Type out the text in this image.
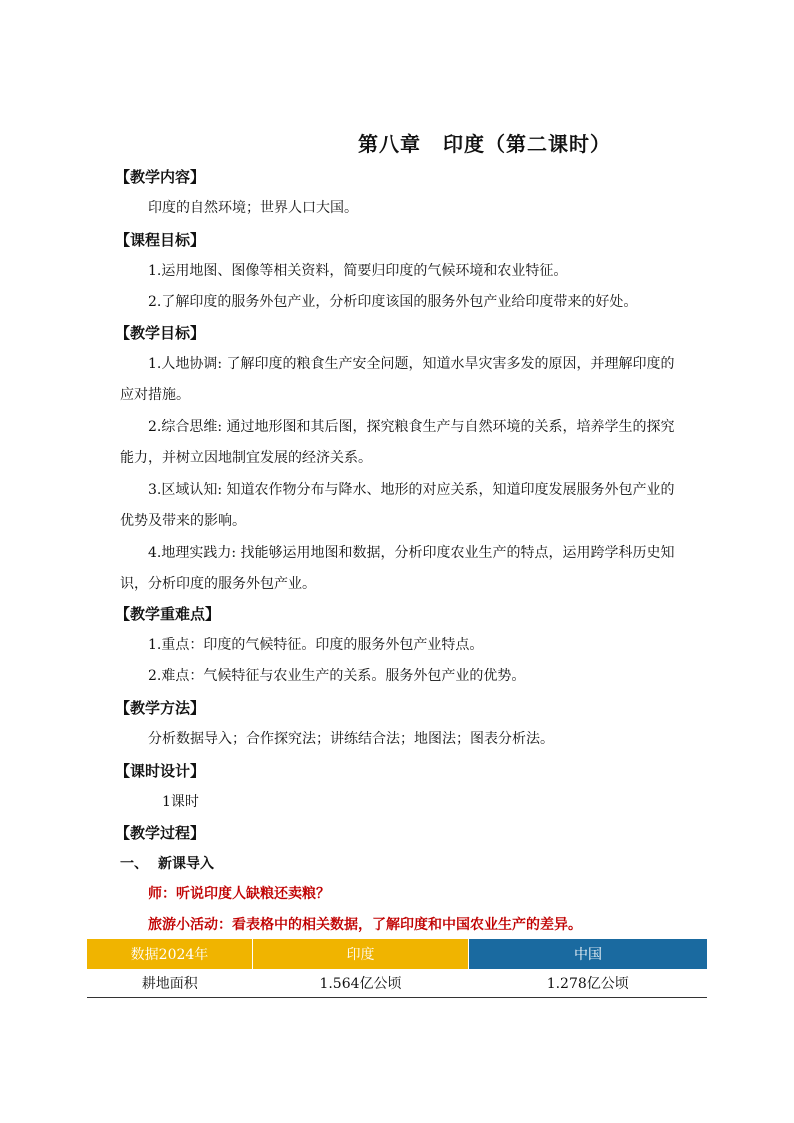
第八章 印度（第二课时）
【教学内容】
印度的自然环境；世界人口大国。
【课程目标】
1.运用地图、图像等相关资料，简要归印度的气候环境和农业特征。
2.了解印度的服务外包产业，分析印度该国的服务外包产业给印度带来的好处。
【教学目标】
1.人地协调: 了解印度的粮食生产安全问题，知道水旱灾害多发的原因，并理解印度的
应对措施。
2.综合思维: 通过地形图和其后图，探究粮食生产与自然环境的关系，培养学生的探究
能力，并树立因地制宜发展的经济关系。
3.区域认知: 知道农作物分布与降水、地形的对应关系，知道印度发展服务外包产业的
优势及带来的影响。
4.地理实践力: 找能够运用地图和数据，分析印度农业生产的特点，运用跨学科历史知
识，分析印度的服务外包产业。
【教学重难点】
1.重点：印度的气候特征。印度的服务外包产业特点。
2.难点：气候特征与农业生产的关系。服务外包产业的优势。
【教学方法】
分析数据导入；合作探究法；讲练结合法；地图法；图表分析法。
【课时设计】
1课时
【教学过程】
一、 新课导入
师：听说印度人缺粮还卖粮？
旅游小活动：看表格中的相关数据，了解印度和中国农业生产的差异。
数据2024年	印度	中国
耕地面积	1.564亿公顷	1.278亿公顷
